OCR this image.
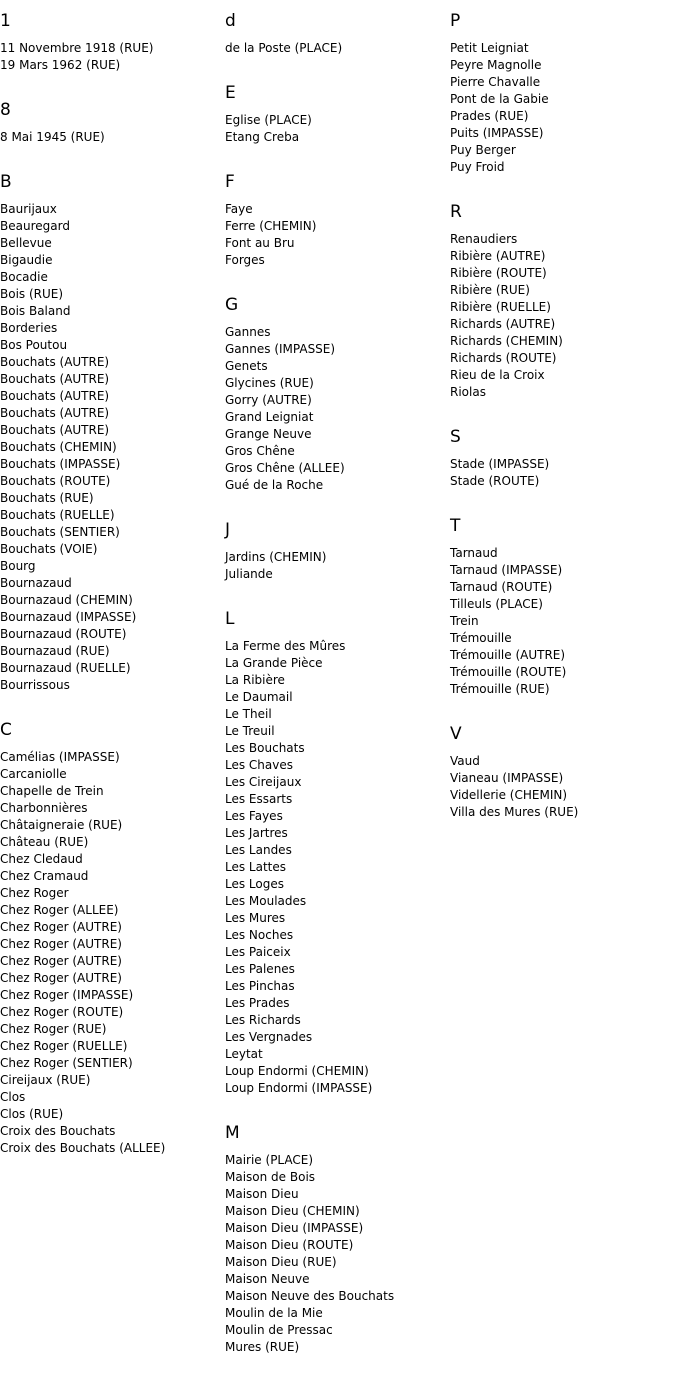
1
11 Novembre 1918 (RUE)
19 Mars 1962 (RUE)
8
8 Mai 1945 (RUE)
B
Baurijaux
Beauregard
Bellevue
Bigaudie
Bocadie
Bois (RUE)
Bois Baland
Borderies
Bos Poutou
Bouchats (AUTRE)
Bouchats (AUTRE)
Bouchats (AUTRE)
Bouchats (AUTRE)
Bouchats (AUTRE)
Bouchats (CHEMIN)
Bouchats (IMPASSE)
Bouchats (ROUTE)
Bouchats (RUE)
Bouchats (RUELLE)
Bouchats (SENTIER)
Bouchats (VOIE)
Bourg
Bournazaud
Bournazaud (CHEMIN)
Bournazaud (IMPASSE)
Bournazaud (ROUTE)
Bournazaud (RUE)
Bournazaud (RUELLE)
Bourrissous
C
Camélias (IMPASSE)
Carcaniolle
Chapelle de Trein
Charbonnières
Châtaigneraie (RUE)
Château (RUE)
Chez Cledaud
Chez Cramaud
Chez Roger
Chez Roger (ALLEE)
Chez Roger (AUTRE)
Chez Roger (AUTRE)
Chez Roger (AUTRE)
Chez Roger (AUTRE)
Chez Roger (IMPASSE)
Chez Roger (ROUTE)
Chez Roger (RUE)
Chez Roger (RUELLE)
Chez Roger (SENTIER)
Cireijaux (RUE)
Clos
Clos (RUE)
Croix des Bouchats
Croix des Bouchats (ALLEE)
d
de la Poste (PLACE)
E
Eglise (PLACE)
Etang Creba
F
Faye
Ferre (CHEMIN)
Font au Bru
Forges
G
Gannes
Gannes (IMPASSE)
Genets
Glycines (RUE)
Gorry (AUTRE)
Grand Leigniat
Grange Neuve
Gros Chêne
Gros Chêne (ALLEE)
Gué de la Roche
J
Jardins (CHEMIN)
Juliande
L
La Ferme des Mûres
La Grande Pièce
La Ribière
Le Daumail
Le Theil
Le Treuil
Les Bouchats
Les Chaves
Les Cireijaux
Les Essarts
Les Fayes
Les Jartres
Les Landes
Les Lattes
Les Loges
Les Moulades
Les Mures
Les Noches
Les Paiceix
Les Palenes
Les Pinchas
Les Prades
Les Richards
Les Vergnades
Leytat
Loup Endormi (CHEMIN)
Loup Endormi (IMPASSE)
M
Mairie (PLACE)
Maison de Bois
Maison Dieu
Maison Dieu (CHEMIN)
Maison Dieu (IMPASSE)
Maison Dieu (ROUTE)
Maison Dieu (RUE)
Maison Neuve
Maison Neuve des Bouchats
Moulin de la Mie
Moulin de Pressac
Mures (RUE)
P
Petit Leigniat
Peyre Magnolle
Pierre Chavalle
Pont de la Gabie
Prades (RUE)
Puits (IMPASSE)
Puy Berger
Puy Froid
R
Renaudiers
Ribière (AUTRE)
Ribière (ROUTE)
Ribière (RUE)
Ribière (RUELLE)
Richards (AUTRE)
Richards (CHEMIN)
Richards (ROUTE)
Rieu de la Croix
Riolas
S
Stade (IMPASSE)
Stade (ROUTE)
T
Tarnaud
Tarnaud (IMPASSE)
Tarnaud (ROUTE)
Tilleuls (PLACE)
Trein
Trémouille
Trémouille (AUTRE)
Trémouille (ROUTE)
Trémouille (RUE)
V
Vaud
Vianeau (IMPASSE)
Videllerie (CHEMIN)
Villa des Mures (RUE)
